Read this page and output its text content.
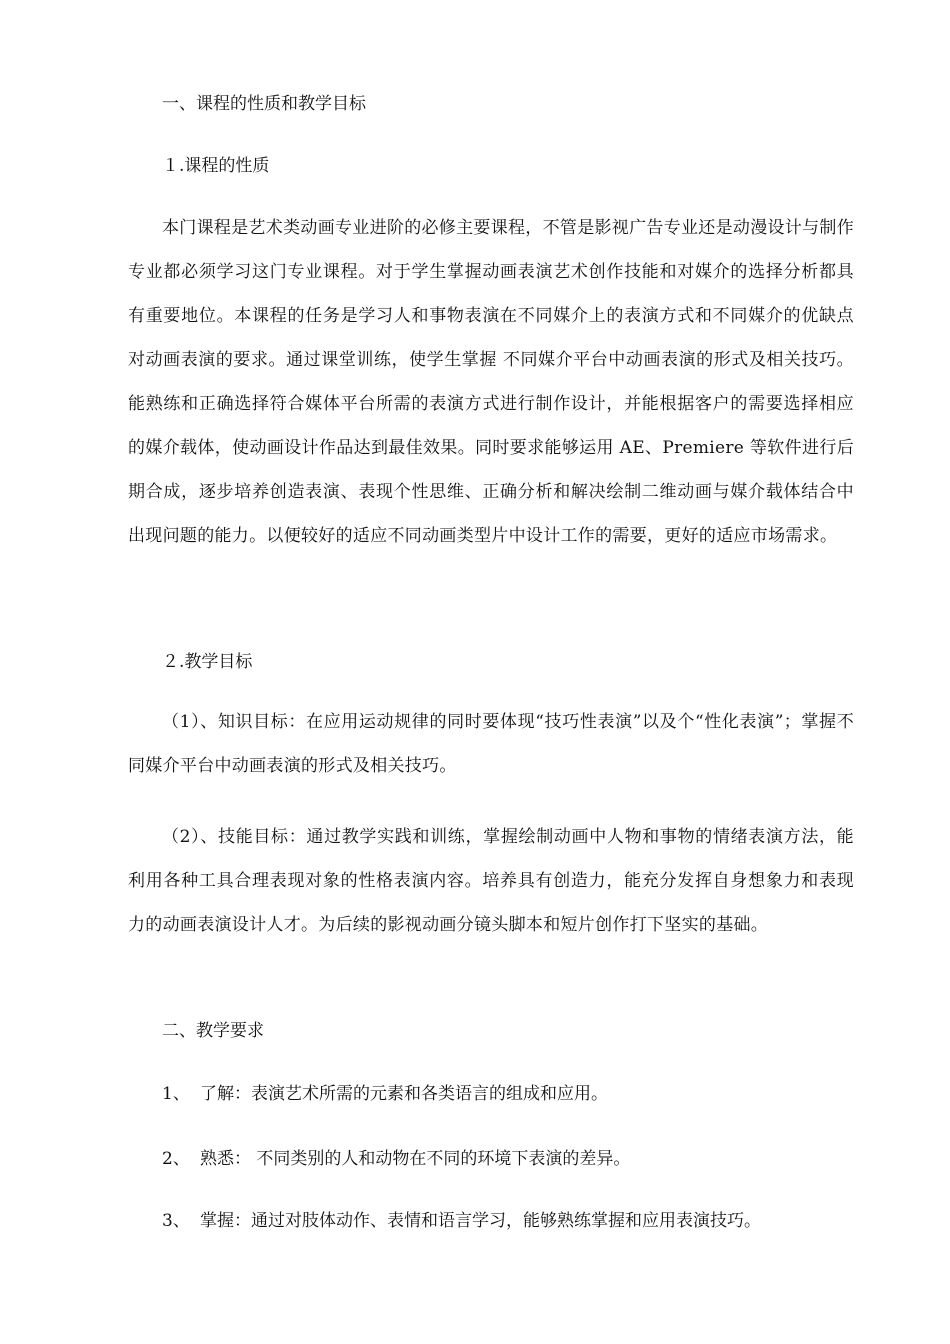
一、课程的性质和教学目标
１.课程的性质
本门课程是艺术类动画专业进阶的必修主要课程，不管是影视广告专业还是动漫设计与制作专业都必须学习这门专业课程。对于学生掌握动画表演艺术创作技能和对媒介的选择分析都具有重要地位。本课程的任务是学习人和事物表演在不同媒介上的表演方式和不同媒介的优缺点对动画表演的要求。通过课堂训练，使学生掌握 不同媒介平台中动画表演的形式及相关技巧。能熟练和正确选择符合媒体平台所需的表演方式进行制作设计，并能根据客户的需要选择相应的媒介载体，使动画设计作品达到最佳效果。同时要求能够运用 AE、Premiere 等软件进行后期合成，逐步培养创造表演、表现个性思维、正确分析和解决绘制二维动画与媒介载体结合中出现问题的能力。以便较好的适应不同动画类型片中设计工作的需要，更好的适应市场需求。
２.教学目标
（1）、知识目标：在应用运动规律的同时要体现“技巧性表演”以及个“性化表演”；掌握不同媒介平台中动画表演的形式及相关技巧。
（2）、技能目标：通过教学实践和训练，掌握绘制动画中人物和事物的情绪表演方法，能利用各种工具合理表现对象的性格表演内容。培养具有创造力，能充分发挥自身想象力和表现力的动画表演设计人才。为后续的影视动画分镜头脚本和短片创作打下坚实的基础。
二、教学要求
1、 了解：表演艺术所需的元素和各类语言的组成和应用。
2、 熟悉： 不同类别的人和动物在不同的环境下表演的差异。
3、 掌握：通过对肢体动作、表情和语言学习，能够熟练掌握和应用表演技巧。
